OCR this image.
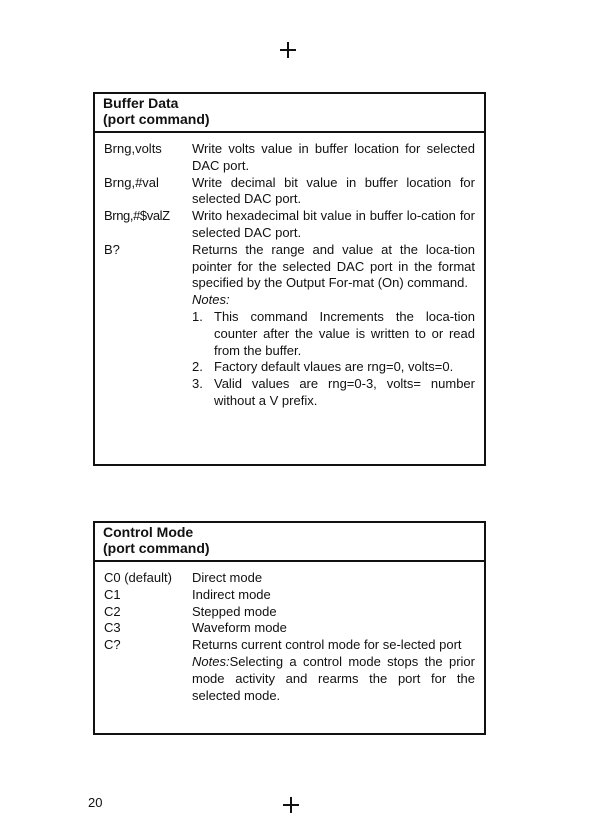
Buffer Data
(port command)
Brng,volts	Write volts value in buffer location for selected DAC port.
Brng,#val	Write decimal bit value in buffer location for selected DAC port.
Brng,#$valZ	Writo hexadecimal bit value in buffer lo-cation for selected DAC port.
B?	Returns the range and value at the loca-tion pointer for the selected DAC port in the format specified by the Output For-mat (On) command.
Notes:
1. This command Increments the loca-tion counter after the value is written to or read from the buffer.
2. Factory default vlaues are rng=0, volts=0.
3. Valid values are rng=0-3, volts= number without a V prefix.
Control Mode
(port command)
C0 (default)	Direct mode
C1	Indirect mode
C2	Stepped mode
C3	Waveform mode
C?	Returns current control mode for se-lected port
Notes:Selecting a control mode stops the prior mode activity and rearms the port for the selected mode.
20
